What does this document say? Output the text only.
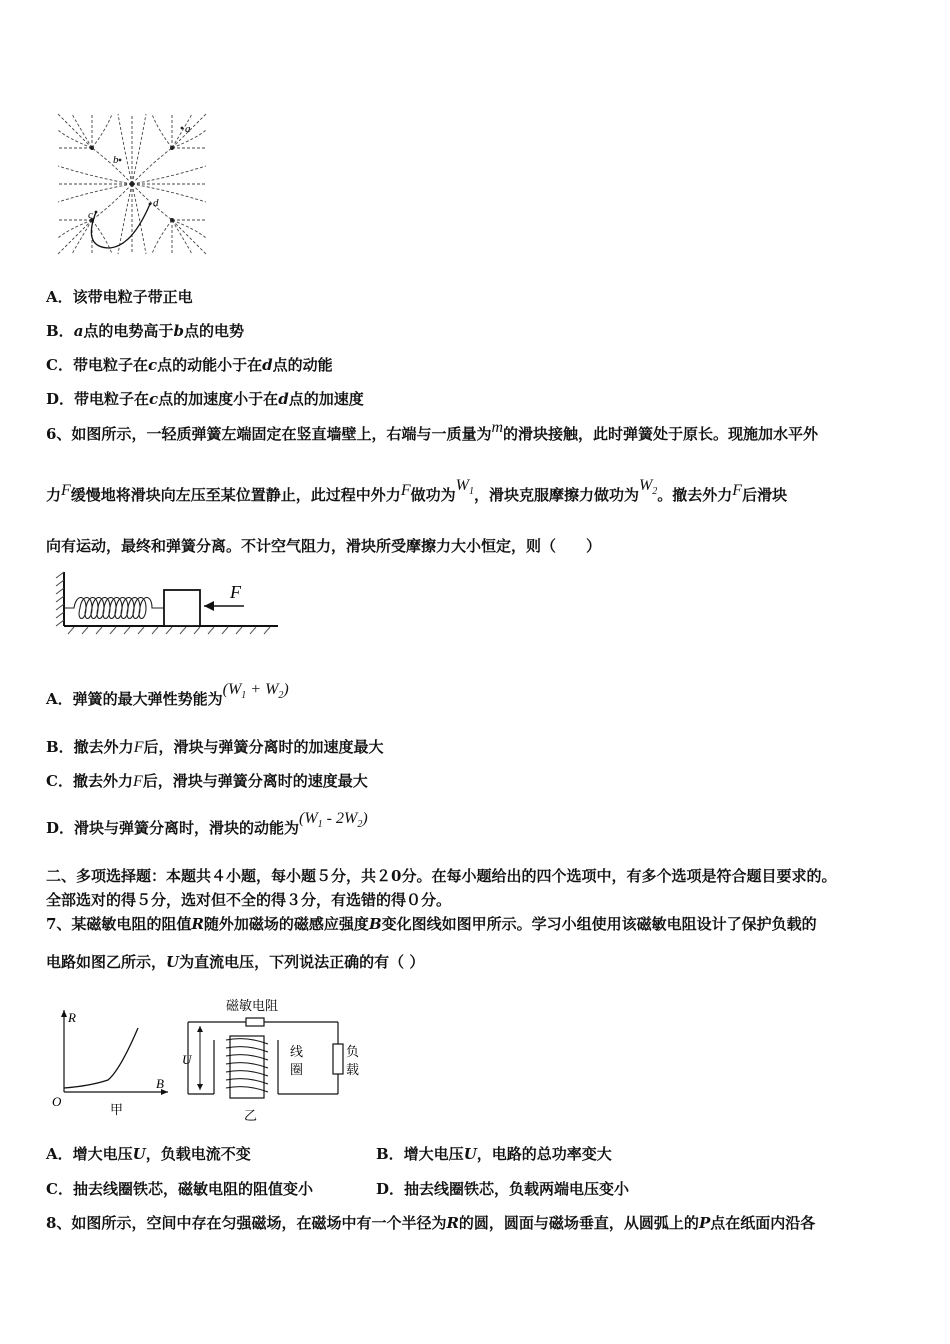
a
b
c
d
A．该带电粒子带正电
B．a点的电势高于b点的电势
C．带电粒子在c点的动能小于在d点的动能
D．带电粒子在c点的加速度小于在d点的加速度
6、如图所示，一轻质弹簧左端固定在竖直墙壁上，右端与一质量为m的滑块接触，此时弹簧处于原长。现施加水平外
力F缓慢地将滑块向左压至某位置静止，此过程中外力F做功为$W_1$，滑块克服摩擦力做功为$W_2$。撤去外力F后滑块
向有运动，最终和弹簧分离。不计空气阻力，滑块所受摩擦力大小恒定，则（　　）
F
A．弹簧的最大弹性势能为$(W_1 + W_2)$
B．撤去外力F后，滑块与弹簧分离时的加速度最大
C．撤去外力F后，滑块与弹簧分离时的速度最大
D．滑块与弹簧分离时，滑块的动能为$(W_1 - 2W_2)$
二、多项选择题：本题共４小题，每小题５分，共２0分。在每小题给出的四个选项中，有多个选项是符合题目要求的。
全部选对的得５分，选对但不全的得３分，有选错的得０分。
7、某磁敏电阻的阻值R随外加磁场的磁感应强度B变化图线如图甲所示。学习小组使用该磁敏电阻设计了保护负载的
电路如图乙所示，U为直流电压，下列说法正确的有（ ）
R
B
O
甲
磁敏电阻
U	线
圈
负
载
乙
A．增大电压U，负载电流不变	B．增大电压U，电路的总功率变大
C．抽去线圈铁芯，磁敏电阻的阻值变小	D．抽去线圈铁芯，负载两端电压变小
8、如图所示，空间中存在匀强磁场，在磁场中有一个半径为R的圆，圆面与磁场垂直，从圆弧上的P点在纸面内沿各
